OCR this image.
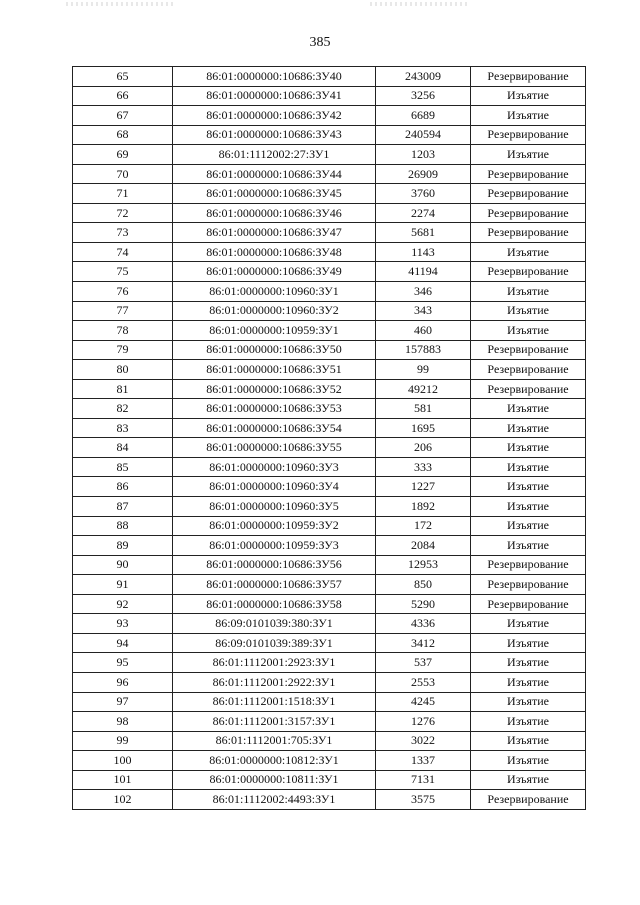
385
65	86:01:0000000:10686:ЗУ40	243009	Резервирование
66	86:01:0000000:10686:ЗУ41	3256	Изъятие
67	86:01:0000000:10686:ЗУ42	6689	Изъятие
68	86:01:0000000:10686:ЗУ43	240594	Резервирование
69	86:01:1112002:27:ЗУ1	1203	Изъятие
70	86:01:0000000:10686:ЗУ44	26909	Резервирование
71	86:01:0000000:10686:ЗУ45	3760	Резервирование
72	86:01:0000000:10686:ЗУ46	2274	Резервирование
73	86:01:0000000:10686:ЗУ47	5681	Резервирование
74	86:01:0000000:10686:ЗУ48	1143	Изъятие
75	86:01:0000000:10686:ЗУ49	41194	Резервирование
76	86:01:0000000:10960:ЗУ1	346	Изъятие
77	86:01:0000000:10960:ЗУ2	343	Изъятие
78	86:01:0000000:10959:ЗУ1	460	Изъятие
79	86:01:0000000:10686:ЗУ50	157883	Резервирование
80	86:01:0000000:10686:ЗУ51	99	Резервирование
81	86:01:0000000:10686:ЗУ52	49212	Резервирование
82	86:01:0000000:10686:ЗУ53	581	Изъятие
83	86:01:0000000:10686:ЗУ54	1695	Изъятие
84	86:01:0000000:10686:ЗУ55	206	Изъятие
85	86:01:0000000:10960:ЗУ3	333	Изъятие
86	86:01:0000000:10960:ЗУ4	1227	Изъятие
87	86:01:0000000:10960:ЗУ5	1892	Изъятие
88	86:01:0000000:10959:ЗУ2	172	Изъятие
89	86:01:0000000:10959:ЗУ3	2084	Изъятие
90	86:01:0000000:10686:ЗУ56	12953	Резервирование
91	86:01:0000000:10686:ЗУ57	850	Резервирование
92	86:01:0000000:10686:ЗУ58	5290	Резервирование
93	86:09:0101039:380:ЗУ1	4336	Изъятие
94	86:09:0101039:389:ЗУ1	3412	Изъятие
95	86:01:1112001:2923:ЗУ1	537	Изъятие
96	86:01:1112001:2922:ЗУ1	2553	Изъятие
97	86:01:1112001:1518:ЗУ1	4245	Изъятие
98	86:01:1112001:3157:ЗУ1	1276	Изъятие
99	86:01:1112001:705:ЗУ1	3022	Изъятие
100	86:01:0000000:10812:ЗУ1	1337	Изъятие
101	86:01:0000000:10811:ЗУ1	7131	Изъятие
102	86:01:1112002:4493:ЗУ1	3575	Резервирование
